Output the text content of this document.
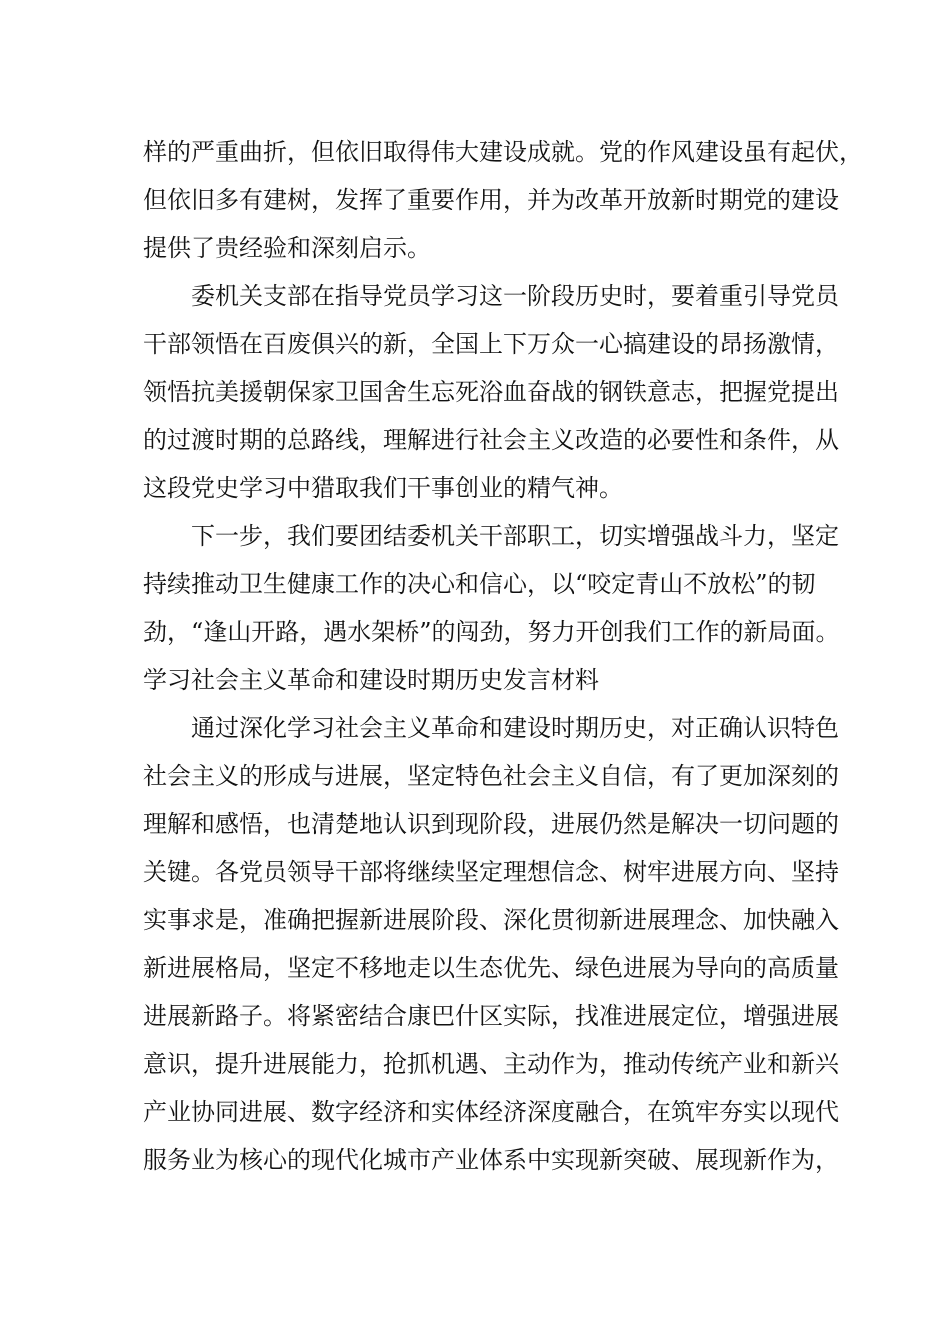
样的严重曲折，但依旧取得伟大建设成就。党的作风建设虽有起伏，
但依旧多有建树，发挥了重要作用，并为改革开放新时期党的建设
提供了贵经验和深刻启示。
委机关支部在指导党员学习这一阶段历史时，要着重引导党员
干部领悟在百废俱兴的新，全国上下万众一心搞建设的昂扬激情，
领悟抗美援朝保家卫国舍生忘死浴血奋战的钢铁意志，把握党提出
的过渡时期的总路线，理解进行社会主义改造的必要性和条件，从
这段党史学习中猎取我们干事创业的精气神。
下一步，我们要团结委机关干部职工，切实增强战斗力，坚定
持续推动卫生健康工作的决心和信心，以“咬定青山不放松”的韧
劲，“逢山开路，遇水架桥”的闯劲，努力开创我们工作的新局面。
学习社会主义革命和建设时期历史发言材料
通过深化学习社会主义革命和建设时期历史，对正确认识特色
社会主义的形成与进展，坚定特色社会主义自信，有了更加深刻的
理解和感悟，也清楚地认识到现阶段，进展仍然是解决一切问题的
关键。各党员领导干部将继续坚定理想信念、树牢进展方向、坚持
实事求是，准确把握新进展阶段、深化贯彻新进展理念、加快融入
新进展格局，坚定不移地走以生态优先、绿色进展为导向的高质量
进展新路子。将紧密结合康巴什区实际，找准进展定位，增强进展
意识，提升进展能力，抢抓机遇、主动作为，推动传统产业和新兴
产业协同进展、数字经济和实体经济深度融合，在筑牢夯实以现代
服务业为核心的现代化城市产业体系中实现新突破、展现新作为，
